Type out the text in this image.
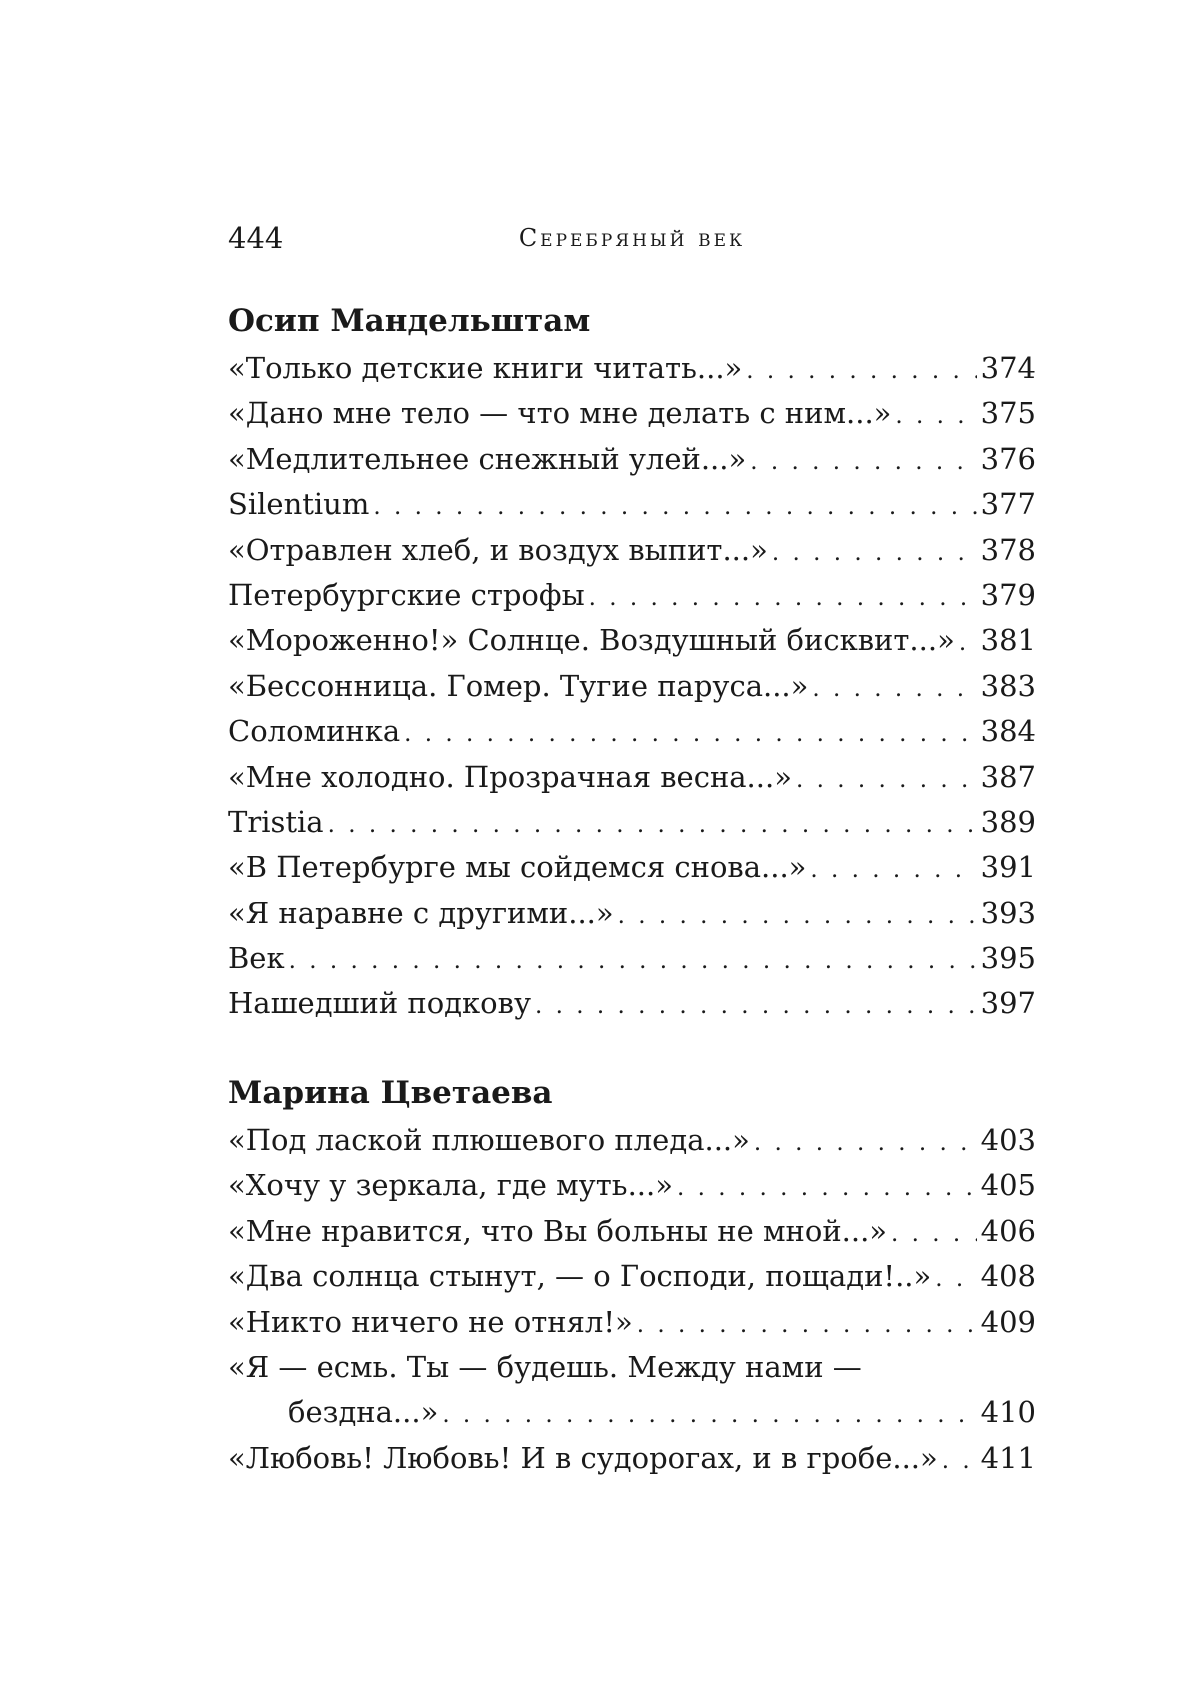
444	Серебряный век
Осип Мандельштам
«Только детские книги читать...» . . .	374
«Дано мне тело — что мне делать с ним...» . . .	375
«Медлительнее снежный улей...» . . .	376
Silentium . . .	377
«Отравлен хлеб, и воздух выпит...» . . .	378
Петербургские строфы . . .	379
«Мороженно!» Солнце. Воздушный бисквит...» . . . 381
«Бессонница. Гомер. Тугие паруса...» . . .	383
Соломинка . . .	384
«Мне холодно. Прозрачная весна...» . . .	387
Tristia . . .	389
«В Петербурге мы сойдемся снова...» . . .	391
«Я наравне с другими...» . . .	393
Век . . .	395
Нашедший подкову . . .	397
Марина Цветаева
«Под лаской плюшевого пледа...» . . .	403
«Хочу у зеркала, где муть...» . . .	405
«Мне нравится, что Вы больны не мной...» . . .	406
«Два солнца стынут, — о Господи, пощади!..» . . . 408
«Никто ничего не отнял!» . . .	409
«Я — есмь. Ты — будешь. Между нами —
бездна...» . . .	410
«Любовь! Любовь! И в судорогах, и в гробе...» . . . 411
